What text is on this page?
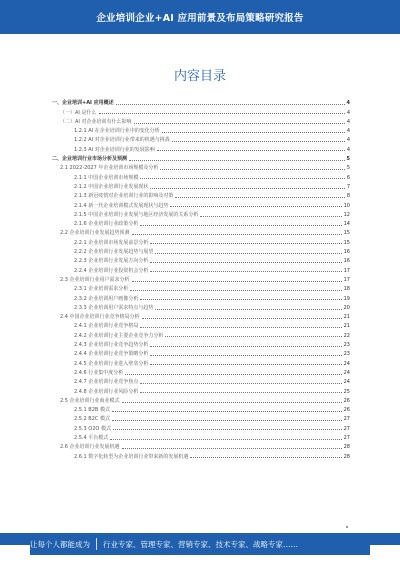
企业培训企业+AI 应用前景及布局策略研究报告
内容目录
一、企业培训+AI 应用概述	4
（一）AI 是什么	4
（二）AI 对企业培训有什么影响	4
1.2.1 AI 在企业培训行业中的变化分析	4
1.2.2 AI 对企业培训行业带来的机遇与挑战	4
1.2.3 AI 对企业培训行业的发展影响	4
二、企业培训行业市场分析及预测	5
2.1 2022-2027 年企业培训市场规模及分析	5
2.1.1 中国企业培训市场规模	6
2.1.2 中国企业培训行业发展现状	7
2.1.3 新冠疫情对企业培训行业的影响及对策	8
2.1.4 新一代企业培训模式发展现状与趋势	10
2.1.5 中国企业培训行业发展与地区经济发展的关系分析	12
2.1.6 企业培训行业政策分析	14
2.2 企业培训行业发展趋势预测	15
2.2.1 企业培训市场发展前景分析	15
2.2.2 企业培训行业发展趋势与展望	16
2.2.3 企业培训行业发展方向分析	16
2.2.4 企业培训行业投资机会分析	17
2.3 企业培训行业用户需求分析	17
2.3.1 企业培训需求分析	18
2.3.2 企业培训用户画像分析	19
2.3.3 企业培训用户需求特点与趋势	20
2.4 中国企业培训行业竞争格局分析	21
2.4.1 企业培训行业竞争格局	21
2.4.2 企业培训行业主要企业竞争力分析	22
2.4.3 企业培训行业竞争趋势分析	23
2.4.4 企业培训行业竞争策略分析	23
2.4.5 企业培训行业进入壁垒分析	24
2.4.6 行业集中度分析	24
2.4.7 企业培训行业竞争焦点	24
2.4.8 企业培训行业风险分析	25
2.5 企业培训行业商业模式	26
2.5.1 B2B 模式	26
2.5.2 B2C 模式	27
2.5.3 O2O 模式	27
2.5.4 平台模式	27
2.6 企业培训行业发展机遇	28
2.6.1 数字化转型为企业培训行业带来新的发展机遇	28
让每个人都能成为 行业专家、管理专家、营销专家、技术专家、战略专家……
